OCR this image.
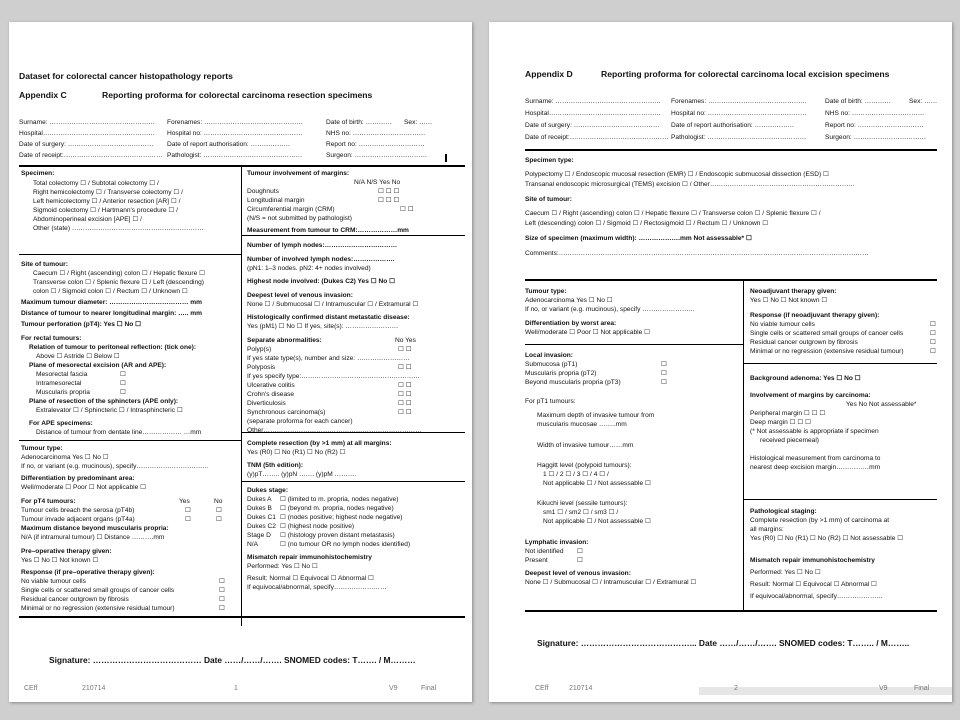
Dataset for colorectal cancer histopathology reports
Appendix C	Reporting proforma for colorectal carcinoma resection specimens
Surname: ………………………………………… Forenames: ………………………………………	Date of birth: ………… Sex: ……
Hospital…………………………………………… Hospital no: ………………………………………	NHS no: ……………………………
Date of surgery: ………………………………… Date of report authorisation: ………………	Report no: …………………………
Date of receipt:……………………………………… Pathologist: ………………………………………	Surgeon: ……………………………
Specimen:
Total colectomy ☐ / Subtotal colectomy ☐ /
Right hemicolectomy ☐ / Transverse colectomy ☐ /
Left hemicolectomy ☐ / Anterior resection [AR] ☐ /
Sigmoid colectomy ☐ / Hartmann's procedure ☐ /
Abdominoperineal excision [APE] ☐ /
Other (state) ……………………………………………………
Site of tumour:
Caecum ☐ / Right (ascending) colon ☐ / Hepatic flexure ☐
Transverse colon ☐ / Splenic flexure ☐ / Left (descending)
colon ☐ / Sigmoid colon ☐ / Rectum ☐ / Unknown ☐
Maximum tumour diameter: ……………………………… mm
Distance of tumour to nearer longitudinal margin: ….. mm
Tumour perforation (pT4): Yes ☐ No ☐
For rectal tumours:
Relation of tumour to peritoneal reflection: (tick one):
Above ☐ Astride ☐ Below ☐
Plane of mesorectal excision (AR and APE):
Mesorectal fascia	☐
Intramesorectal	☐
Muscularis propria	☐
Plane of resection of the sphincters (APE only):
Extralevator ☐ / Sphincteric ☐ / Intrasphincteric ☐
For APE specimens:
Distance of tumour from dentate line……………… …mm
Tumour type:
Adenocarcinoma Yes ☐ No ☐
If no, or variant (e.g. mucinous), specify……………………………
Differentiation by predominant area:
Well/moderate ☐ Poor ☐ Not applicable ☐
For pT4 tumours:	Yes	No
Tumour cells breach the serosa (pT4b)	☐	☐
Tumour invade adjacent organs (pT4a)	☐	☐
Maximum distance beyond muscularis propria:
N/A (if intramural tumour) ☐ Distance ……….mm
Pre–operative therapy given:
Yes ☐ No ☐ Not known ☐
Response (if pre–operative therapy given):
No viable tumour cells	☐
Single cells or scattered small groups of cancer cells	☐
Residual cancer outgrown by fibrosis	☐
Minimal or no regression (extensive residual tumour)	☐
Tumour involvement of margins:
N/A N/S Yes No
Doughnuts	☐ ☐ ☐
Longitudinal margin	☐ ☐ ☐
Circumferential margin (CRM)	☐ ☐
(N/S = not submitted by pathologist)
Measurement from tumour to CRM:………………mm
Number of lymph nodes:……………………………
Number of involved lymph nodes:……………….
(pN1: 1–3 nodes. pN2: 4+ nodes involved)
Highest node involved: (Dukes C2) Yes ☐ No ☐
Deepest level of venous invasion:
None ☐ / Submucosal ☐ / Intramuscular ☐ / Extramural ☐
Histologically confirmed distant metastatic disease:
Yes (pM1) ☐ No ☐ If yes, site(s): ……………………
Separate abnormalities:	No Yes
Polyp(s)	☐ ☐
If yes state type(s), number and size: ……………………
Polyposis	☐ ☐
If yes specify type:………………………………………………
Ulcerative colitis	☐ ☐
Crohn's disease	☐ ☐
Diverticulosis	☐ ☐
Synchronous carcinoma(s)	☐ ☐
(separate proforma for each cancer)
Other………………………………………………………………
Complete resection (by >1 mm) at all margins:
Yes (R0) ☐ No (R1) ☐ No (R2) ☐
TNM (5th edition):
(y)pT…….. (y)pN ……. (y)pM ……….
Dukes stage:
Dukes A ☐ (limited to m. propria, nodes negative)
Dukes B ☐ (beyond m. propria, nodes negative)
Dukes C1 ☐ (nodes positive; highest node negative)
Dukes C2 ☐ (highest node positive)
Stage D ☐ (histology proven distant metastasis)
N/A	☐ (no tumour OR no lymph nodes identified)
Mismatch repair immunohistochemistry
Performed: Yes ☐ No ☐
Result: Normal ☐ Equivocal ☐ Abnormal ☐
If equivocal/abnormal, specify……………………
Signature: ………………………………… Date ……/……/……. SNOMED codes: T……. / M………
CEff	210714	1	V9	Final
Appendix D	Reporting proforma for colorectal carcinoma local excision specimens
Surname: ………………………………………… Forenames: ………………………………………	Date of birth: …………	Sex: ……
Hospital…………………………………………… Hospital no: ………………………………………	NHS no: ……………………………
Date of surgery: ………………………………… Date of report authorisation: ………………	Report no: …………………………
Date of receipt:……………………………………… Pathologist: ………………………………………	Surgeon: ……………………………
Specimen type:
Polypectomy ☐ / Endoscopic mucosal resection (EMR) ☐ / Endoscopic submucosal dissection (ESD) ☐
Transanal endoscopic microsurgical (TEMS) excision ☐ / Other…………………………………………………………
Site of tumour:
Caecum ☐ / Right (ascending) colon ☐ / Hepatic flexure ☐ / Transverse colon ☐ / Splenic flexure ☐ /
Left (descending) colon ☐ / Sigmoid ☐ / Rectosigmoid ☐ / Rectum ☐ / Unknown ☐
Size of specimen (maximum width): ……………….mm Not assessable* ☐
Comments:……………………………………………………………………………………………………………………………
Tumour type:
Adenocarcinoma Yes ☐ No ☐
If no, or variant (e.g. mucinous), specify ……………………
Differentiation by worst area:
Well/moderate ☐ Poor ☐ Not applicable ☐
Local invasion:
Submucosa (pT1)	☐
Muscularis propria (pT2)	☐
Beyond muscularis propria (pT3)	☐
For pT1 tumours:
Maximum depth of invasive tumour from
muscularis mucosae ……..mm
Width of invasive tumour……mm
Haggitt level (polypoid tumours):
1 ☐ / 2 ☐ / 3 ☐ / 4 ☐ /
Not applicable ☐ / Not assessable ☐
Kikuchi level (sessile tumours):
sm1 ☐ / sm2 ☐ / sm3 ☐ /
Not applicable ☐ / Not assessable ☐
Lymphatic invasion:
Not identified ☐
Present	☐
Deepest level of venous invasion:
None ☐ / Submucosal ☐ / Intramuscular ☐ / Extramural ☐
Neoadjuvant therapy given:
Yes ☐ No ☐ Not known ☐
Response (if neoadjuvant therapy given):
No viable tumour cells	☐
Single cells or scattered small groups of cancer cells	☐
Residual cancer outgrown by fibrosis	☐
Minimal or no regression (extensive residual tumour)	☐
Background adenoma: Yes ☐ No ☐
Involvement of margins by carcinoma:
Yes No Not assessable*
Peripheral margin ☐ ☐ ☐
Deep margin ☐ ☐ ☐
(* Not assessable is appropriate if specimen
received piecemeal)
Histological measurement from carcinoma to
nearest deep excision margin……………mm
Pathological staging:
Complete resection (by >1 mm) of carcinoma at
all margins:
Yes (R0) ☐ No (R1) ☐ No (R2) ☐ Not assessable ☐
Mismatch repair immunohistochemistry
Performed: Yes ☐ No ☐
Result: Normal ☐ Equivocal ☐ Abnormal ☐
If equivocal/abnormal, specify…………………
Signature: …………………………………... Date ……/……/……. SNOMED codes: T…….. / M……..
CEff	210714	2	V9	Final
